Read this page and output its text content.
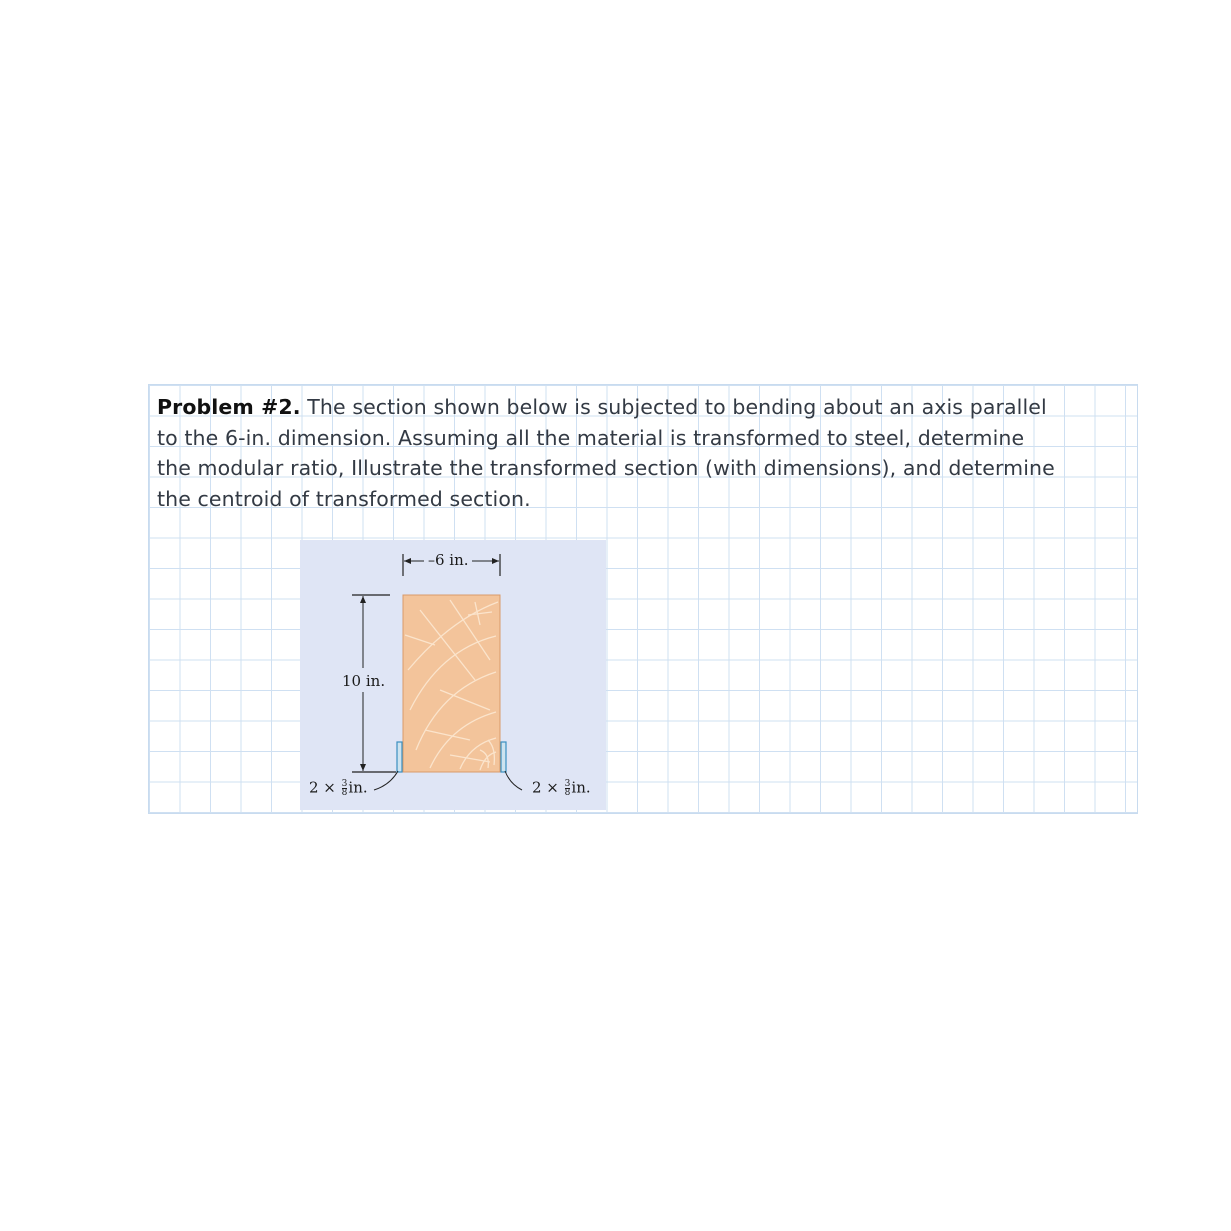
Problem #2. The section shown below is subjected to bending about an axis parallel
to the 6-in. dimension. Assuming all the material is transformed to steel, determine
the modular ratio, Illustrate the transformed section (with dimensions), and determine
the centroid of transformed section.
–6 in.
10 in.
$2 \times \frac{3}{8}$ in.	$2 \times \frac{3}{8}$ in.
